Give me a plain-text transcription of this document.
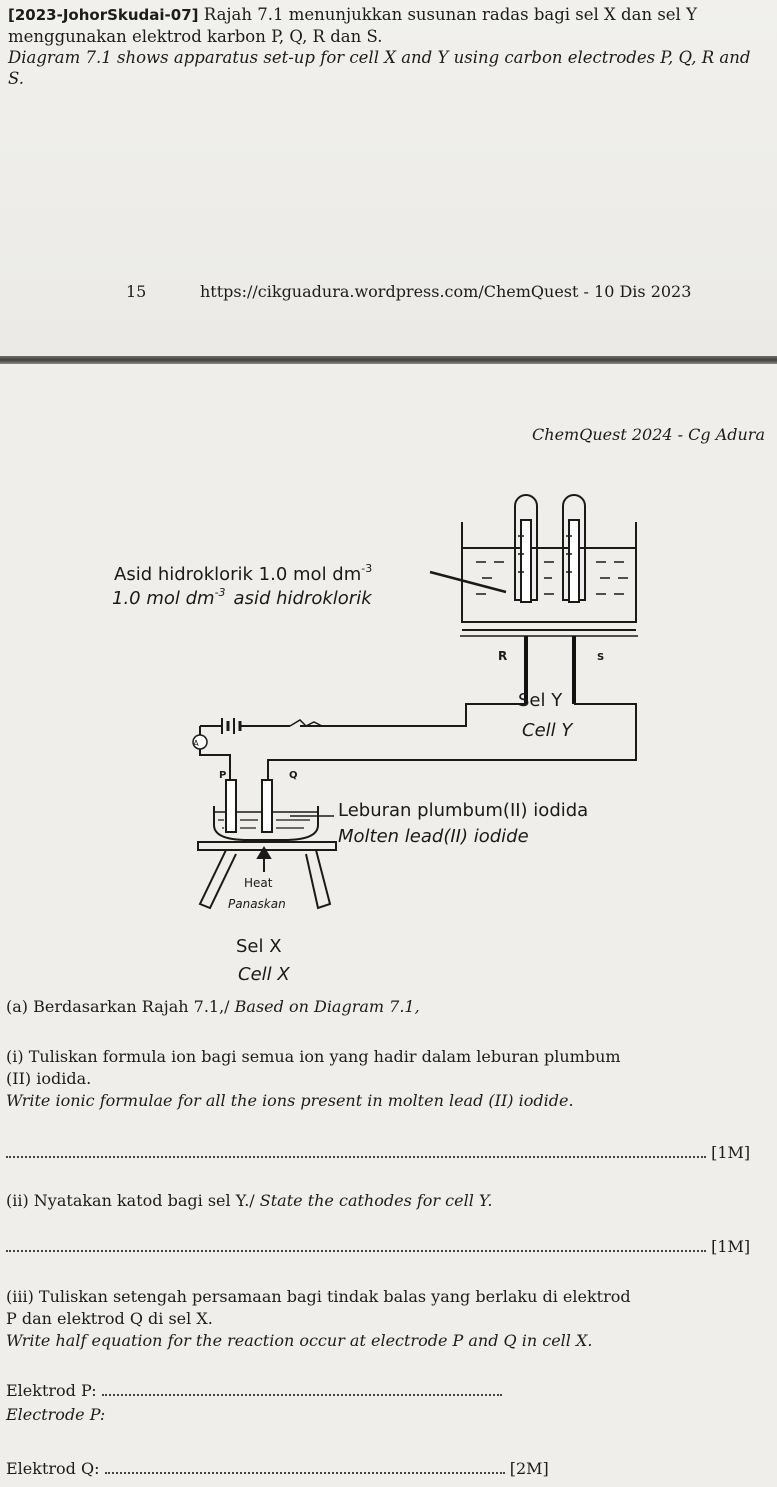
[2023-JohorSkudai-07] Rajah 7.1 menunjukkan susunan radas bagi sel X dan sel Y menggunakan elektrod karbon P, Q, R dan S.
Diagram 7.1 shows apparatus set-up for cell X and Y using carbon electrodes P, Q, R and S.
15	https://cikguadura.wordpress.com/ChemQuest - 10 Dis 2023
ChemQuest 2024 - Cg Adura
Asid hidroklorik 1.0 mol $dm^{-3}$
1.0 mol $dm^{-3}$ asid hidroklorik
R	S
Sel Y
Cell Y
A
P	Q
Leburan plumbum(II) iodida
Molten lead(II) iodide
Heat
Panaskan
Sel X
Cell X
(a) Berdasarkan Rajah 7.1,/ Based on Diagram 7.1,
(i) Tuliskan formula ion bagi semua ion yang hadir dalam leburan plumbum
(II) iodida.
Write ionic formulae for all the ions present in molten lead (II) iodide.
[1M]
(ii) Nyatakan katod bagi sel Y./ State the cathodes for cell Y.
[1M]
(iii) Tuliskan setengah persamaan bagi tindak balas yang berlaku di elektrod
P dan elektrod Q di sel X.
Write half equation for the reaction occur at electrode P and Q in cell X.
Elektrod P:
Electrode P:
Elektrod Q:	[2M]
